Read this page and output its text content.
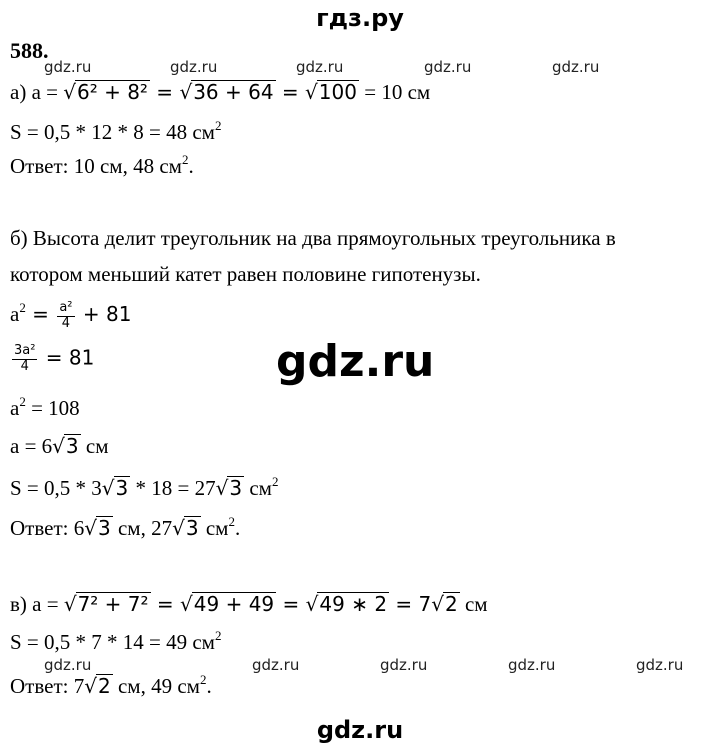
гдз.ру
588.
gdz.ru	gdz.ru	gdz.ru	gdz.ru	gdz.ru
а) a = √6² + 8² = √36 + 64 = √100 = 10 см
S = 0,5 * 12 * 8 = 48 $см^2$
Ответ: 10 см, 48 $см^2$.
б) Высота делит треугольник на два прямоугольных треугольника в
котором меньший катет равен половине гипотенузы.
$a^2 = \frac{\text{a²}}{4} + 81$
$\frac{\text{3a²}}{4} = 81$	gdz.ru
$a^2 = 108$
a = 6√3 см
S = 0,5 * 3√3 * 18 = 27√3 $см^2$
Ответ: 6√3 см, 27√3 $см^2$.
в) a = √7² + 7² = √49 + 49 = √49 ∗ 2 = 7√2 см
S = 0,5 * 7 * 14 = 49 $см^2$
gdz.ru	gdz.ru	gdz.ru	gdz.ru	gdz.ru
Ответ: 7√2 см, 49 $см^2$.
gdz.ru
